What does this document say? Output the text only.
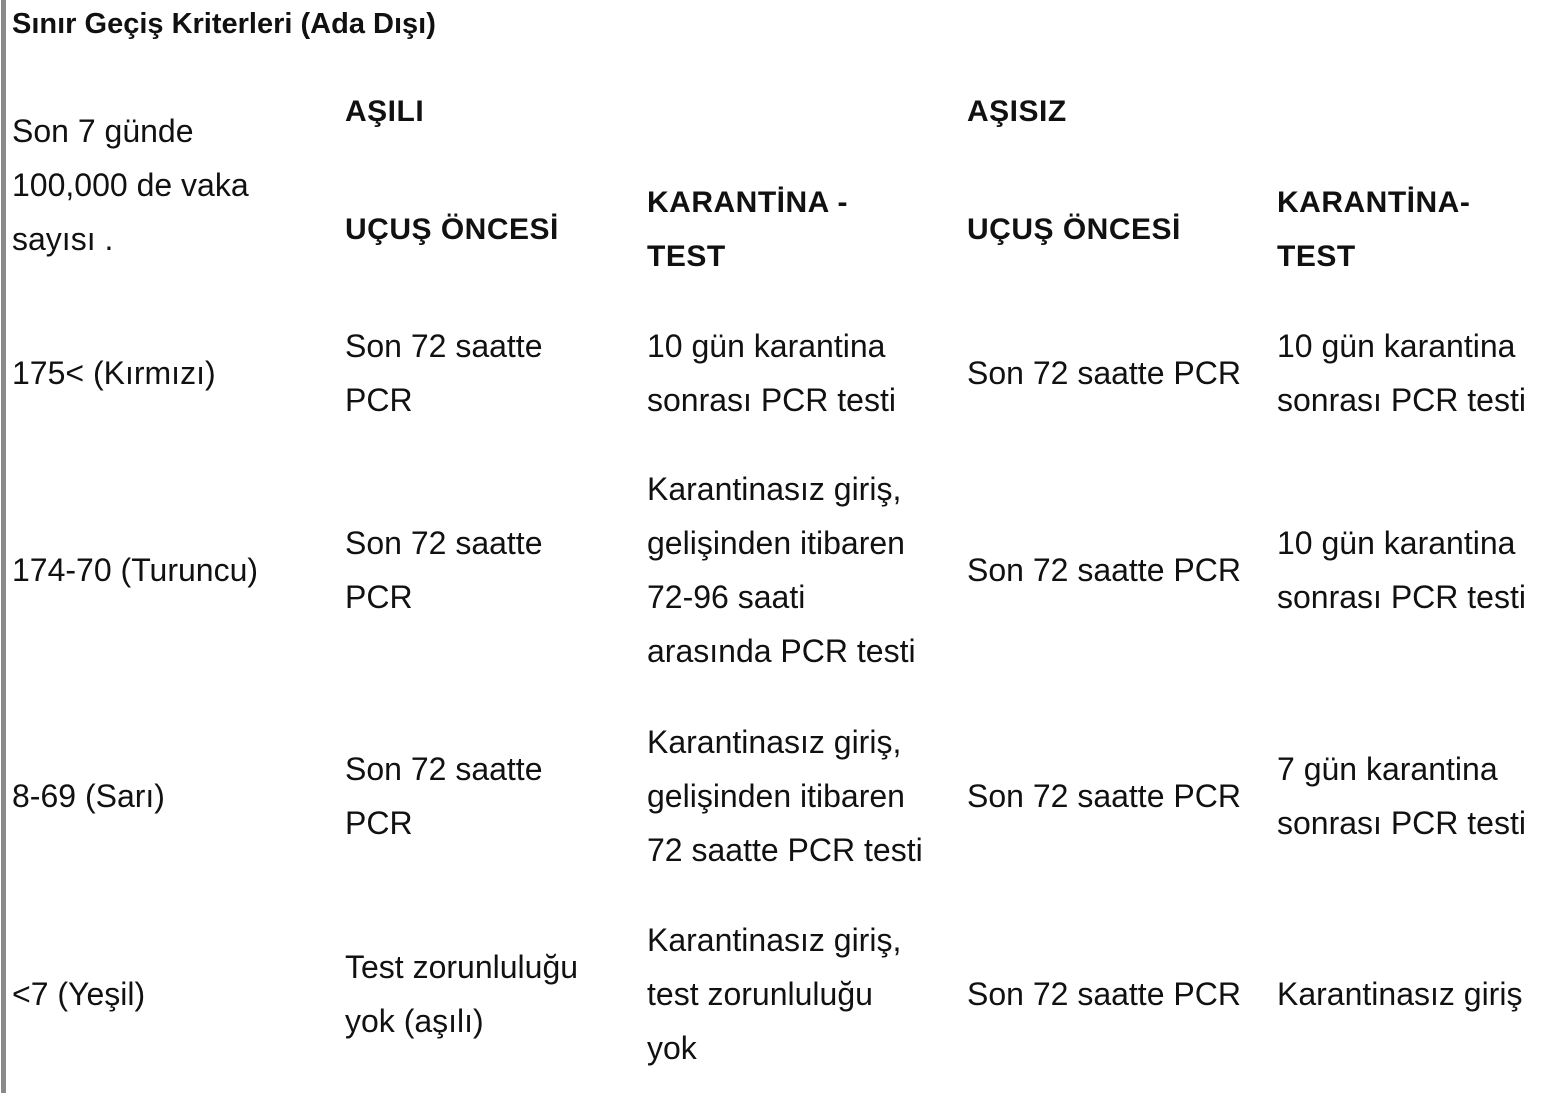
Sınır Geçiş Kriterleri (Ada Dışı)
Son 7 günde
100,000 de vaka
sayısı .
AŞILI	AŞISIZ
UÇUŞ ÖNCESİ
KARANTİNA -
TEST
UÇUŞ ÖNCESİ
KARANTİNA-
TEST
175< (Kırmızı)
Son 72 saatte
PCR
10 gün karantina
sonrası PCR testi
Son 72 saatte PCR
10 gün karantina
sonrası PCR testi
174-70 (Turuncu)
Son 72 saatte
PCR
Karantinasız giriş,
gelişinden itibaren
72-96 saati
arasında PCR testi
Son 72 saatte PCR
10 gün karantina
sonrası PCR testi
8-69 (Sarı)
Son 72 saatte
PCR
Karantinasız giriş,
gelişinden itibaren
72 saatte PCR testi
Son 72 saatte PCR
7 gün karantina
sonrası PCR testi
<7 (Yeşil)
Test zorunluluğu
yok (aşılı)
Karantinasız giriş,
test zorunluluğu
yok
Son 72 saatte PCR	Karantinasız giriş
